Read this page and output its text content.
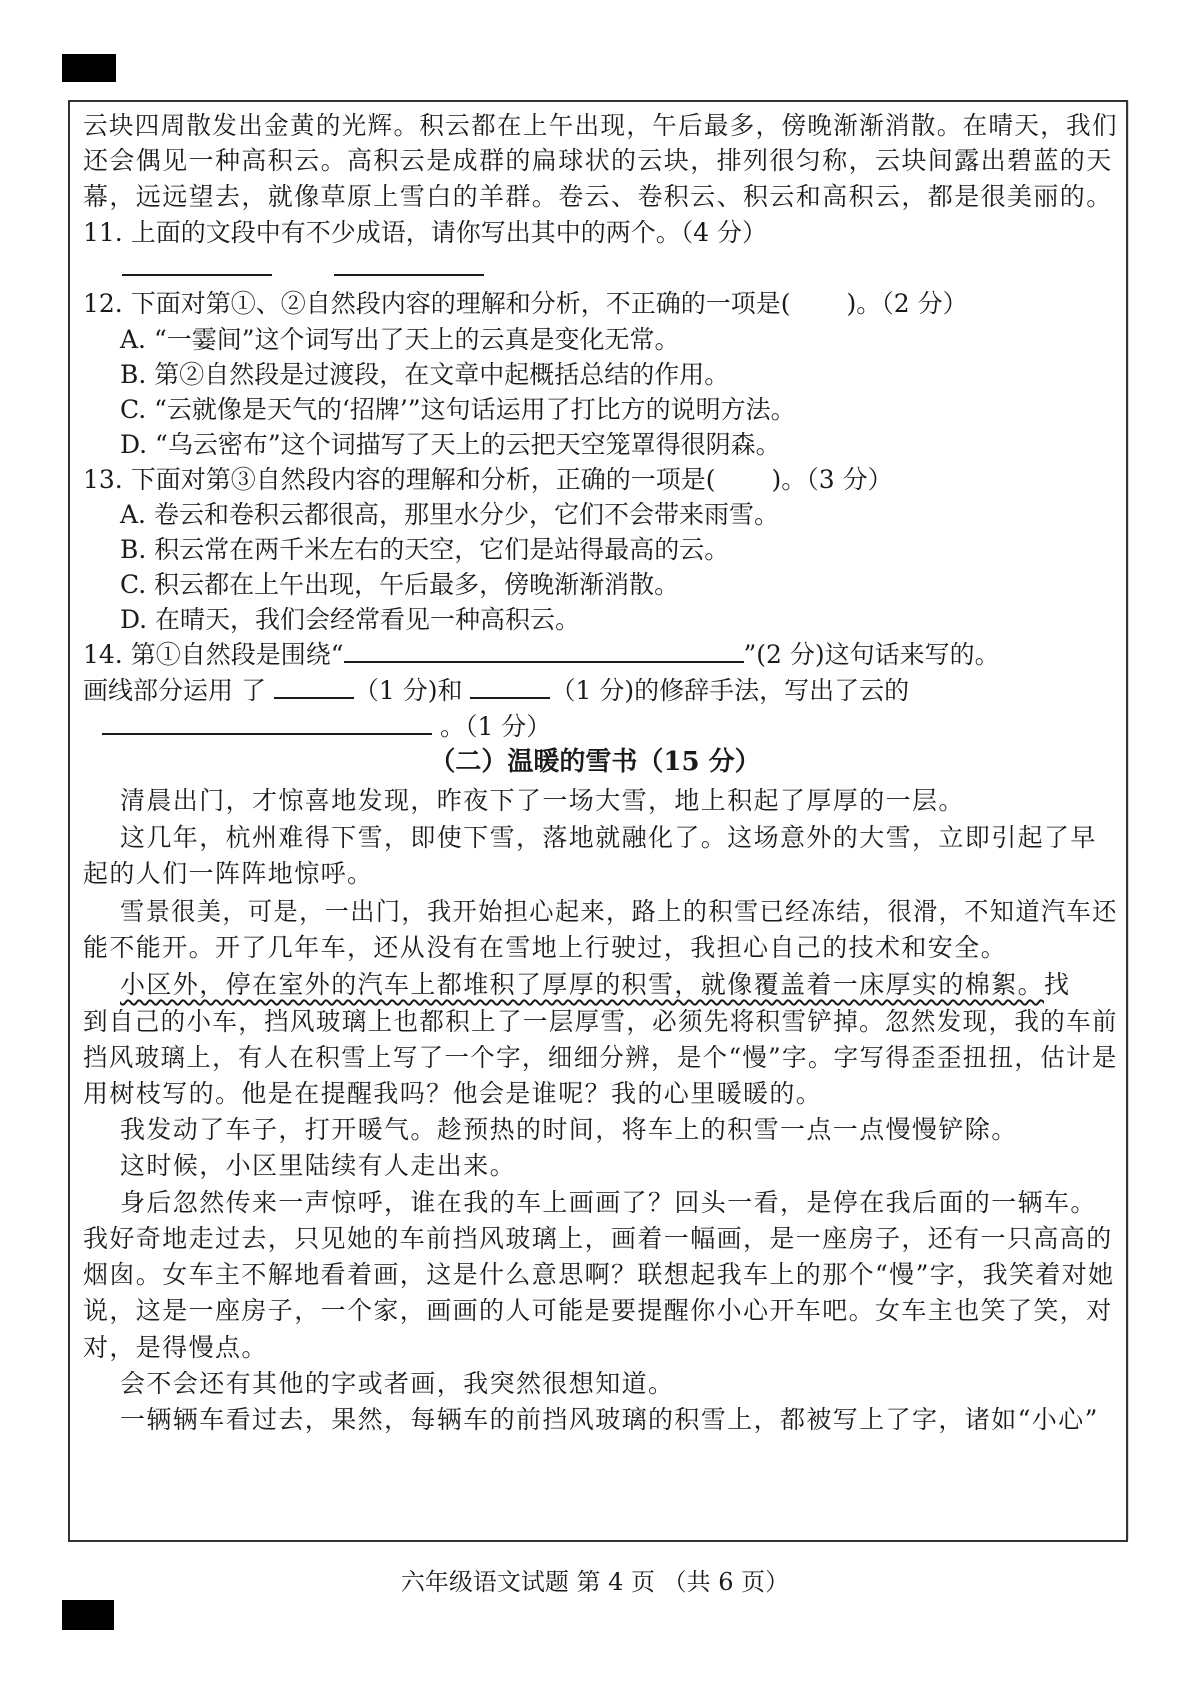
云块四周散发出金黄的光辉。积云都在上午出现，午后最多，傍晚渐渐消散。在晴天，我们
还会偶见一种高积云。高积云是成群的扁球状的云块，排列很匀称，云块间露出碧蓝的天
幕，远远望去，就像草原上雪白的羊群。卷云、卷积云、积云和高积云，都是很美丽的。
11. 上面的文段中有不少成语，请你写出其中的两个。（4 分）

12. 下面对第①、②自然段内容的理解和分析，不正确的一项是( )。（2 分）
A. “一霎间”这个词写出了天上的云真是变化无常。
B. 第②自然段是过渡段，在文章中起概括总结的作用。
C. “云就像是天气的‘招牌’”这句话运用了打比方的说明方法。
D. “乌云密布”这个词描写了天上的云把天空笼罩得很阴森。
13. 下面对第③自然段内容的理解和分析，正确的一项是( )。（3 分）
A. 卷云和卷积云都很高，那里水分少，它们不会带来雨雪。
B. 积云常在两千米左右的天空，它们是站得最高的云。
C. 积云都在上午出现，午后最多，傍晚渐渐消散。
D. 在晴天，我们会经常看见一种高积云。
14. 第①自然段是围绕“	”(2 分)这句话来写的。
画线部分运用 了	（1 分)和	（1 分)的修辞手法，写出了云的
。（1 分）
（二）温暖的雪书（15 分）
清晨出门，才惊喜地发现，昨夜下了一场大雪，地上积起了厚厚的一层。
这几年，杭州难得下雪，即使下雪，落地就融化了。这场意外的大雪，立即引起了早
起的人们一阵阵地惊呼。
雪景很美，可是，一出门，我开始担心起来，路上的积雪已经冻结，很滑，不知道汽车还
能不能开。开了几年车，还从没有在雪地上行驶过，我担心自己的技术和安全。
小区外，停在室外的汽车上都堆积了厚厚的积雪，就像覆盖着一床厚实的棉絮。找
到自己的小车，挡风玻璃上也都积上了一层厚雪，必须先将积雪铲掉。忽然发现，我的车前
挡风玻璃上，有人在积雪上写了一个字，细细分辨，是个“慢”字。字写得歪歪扭扭，估计是
用树枝写的。他是在提醒我吗？他会是谁呢？我的心里暖暖的。
我发动了车子，打开暖气。趁预热的时间，将车上的积雪一点一点慢慢铲除。
这时候，小区里陆续有人走出来。
身后忽然传来一声惊呼，谁在我的车上画画了？回头一看，是停在我后面的一辆车。
我好奇地走过去，只见她的车前挡风玻璃上，画着一幅画，是一座房子，还有一只高高的
烟囱。女车主不解地看着画，这是什么意思啊？联想起我车上的那个“慢”字，我笑着对她
说，这是一座房子，一个家，画画的人可能是要提醒你小心开车吧。女车主也笑了笑，对
对，是得慢点。
会不会还有其他的字或者画，我突然很想知道。
一辆辆车看过去，果然，每辆车的前挡风玻璃的积雪上，都被写上了字，诸如“小心”
六年级语文试题 第 4 页 （共 6 页）
